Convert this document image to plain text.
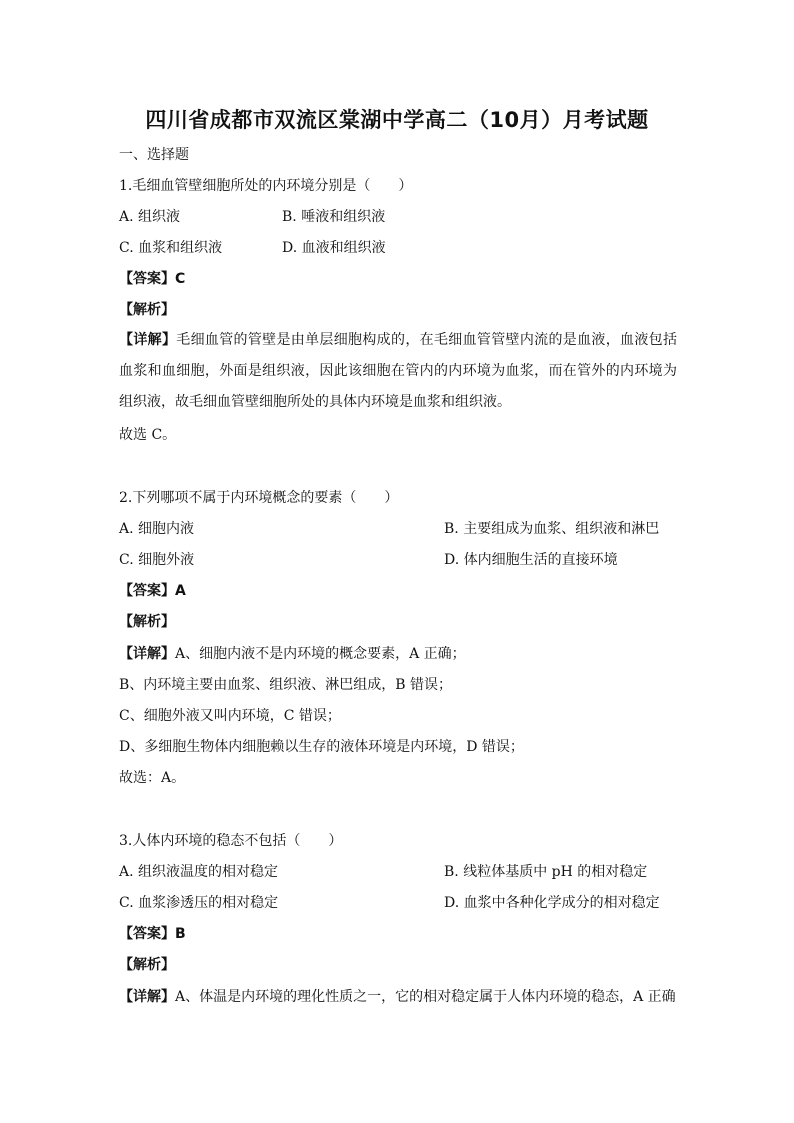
四川省成都市双流区棠湖中学高二（10月）月考试题
一、选择题
1.毛细血管壁细胞所处的内环境分别是（　　）
A. 组织液	B. 唾液和组织液
C. 血浆和组织液	D. 血液和组织液
【答案】C
【解析】
【详解】毛细血管的管壁是由单层细胞构成的，在毛细血管管壁内流的是血液，血液包括血浆和血细胞，外面是组织液，因此该细胞在管内的内环境为血浆，而在管外的内环境为组织液，故毛细血管壁细胞所处的具体内环境是血浆和组织液。
故选 C。
2.下列哪项不属于内环境概念的要素（　　）
A. 细胞内液	B. 主要组成为血浆、组织液和淋巴
C. 细胞外液	D. 体内细胞生活的直接环境
【答案】A
【解析】
【详解】A、细胞内液不是内环境的概念要素，A 正确；
B、内环境主要由血浆、组织液、淋巴组成，B 错误；
C、细胞外液又叫内环境，C 错误；
D、多细胞生物体内细胞赖以生存的液体环境是内环境，D 错误；
故选：A。
3.人体内环境的稳态不包括（　　）
A. 组织液温度的相对稳定	B. 线粒体基质中 pH 的相对稳定
C. 血浆渗透压的相对稳定	D. 血浆中各种化学成分的相对稳定
【答案】B
【解析】
【详解】A、体温是内环境的理化性质之一，它的相对稳定属于人体内环境的稳态，A 正确
